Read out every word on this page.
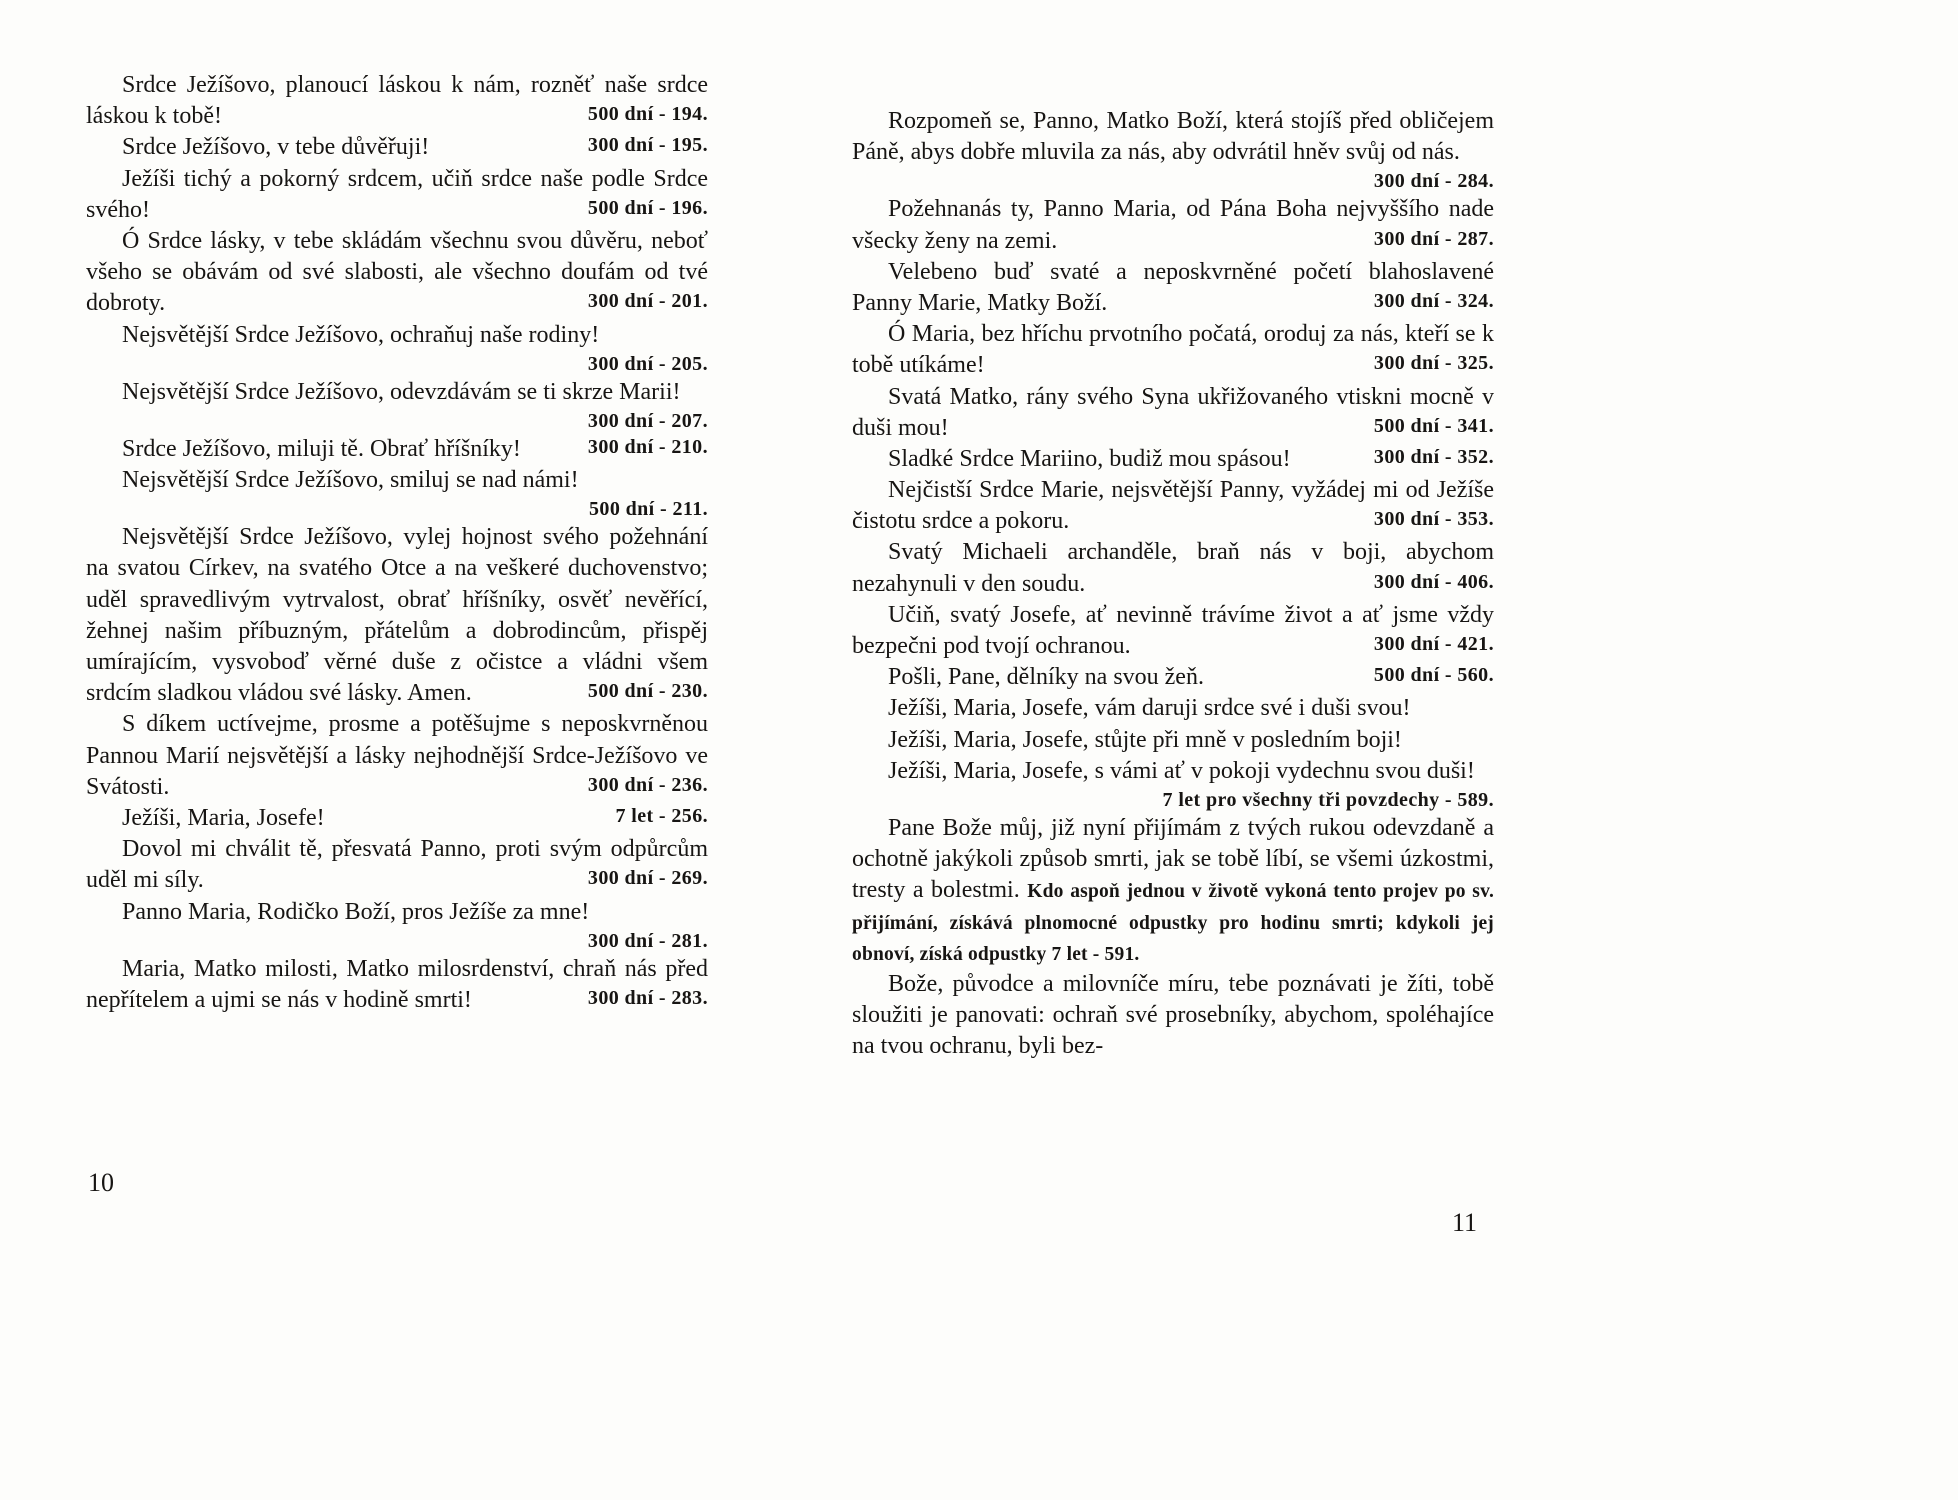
Srdce Ježíšovo, planoucí láskou k nám, rozněť naše srdce láskou k tobě!	500 dní - 194.

Srdce Ježíšovo, v tebe důvěřuji!	300 dní - 195.

Ježíši tichý a pokorný srdcem, učiň srdce naše podle Srdce svého!	500 dní - 196.

Ó Srdce lásky, v tebe skládám všechnu svou důvěru, neboť všeho se obávám od své slabosti, ale všechno doufám od tvé dobroty.	300 dní - 201.

Nejsvětější Srdce Ježíšovo, ochraňuj naše rodiny!
300 dní - 205.

Nejsvětější Srdce Ježíšovo, odevzdávám se ti skrze Marii!
300 dní - 207.

Srdce Ježíšovo, miluji tě. Obrať hříšníky!	300 dní - 210.

Nejsvětější Srdce Ježíšovo, smiluj se nad námi!
500 dní - 211.

Nejsvětější Srdce Ježíšovo, vylej hojnost svého požehnání na svatou Církev, na svatého Otce a na veškeré duchovenstvo; uděl spravedlivým vytrvalost, obrať hříšníky, osvěť nevěřící, žehnej našim příbuzným, přátelům a dobrodincům, přispěj umírajícím, vysvoboď věrné duše z očistce a vládni všem srdcím sladkou vládou své lásky. Amen.	500 dní - 230.

S díkem uctívejme, prosme a potěšujme s neposkvrněnou Pannou Marií nejsvětější a lásky nejhodnější Srdce-Ježíšovo ve Svátosti.	300 dní - 236.

Ježíši, Maria, Josefe!	7 let - 256.

Dovol mi chválit tě, přesvatá Panno, proti svým odpůrcům uděl mi síly.	300 dní - 269.

Panno Maria, Rodičko Boží, pros Ježíše za mne!
300 dní - 281.

Maria, Matko milosti, Matko milosrdenství, chraň nás před nepřítelem a ujmi se nás v hodině smrti!	300 dní - 283.

Rozpomeň se, Panno, Matko Boží, která stojíš před obličejem Páně, abys dobře mluvila za nás, aby odvrátil hněv svůj od nás.
300 dní - 284.

Požehnanás ty, Panno Maria, od Pána Boha nejvyššího nade všecky ženy na zemi.	300 dní - 287.

Velebeno buď svaté a neposkvrněné početí blahoslavené Panny Marie, Matky Boží.	300 dní - 324.

Ó Maria, bez hříchu prvotního počatá, oroduj za nás, kteří se k tobě utíkáme!	300 dní - 325.

Svatá Matko, rány svého Syna ukřižovaného vtiskni mocně v duši mou!	500 dní - 341.

Sladké Srdce Mariino, budiž mou spásou!	300 dní - 352.

Nejčistší Srdce Marie, nejsvětější Panny, vyžádej mi od Ježíše čistotu srdce a pokoru.	300 dní - 353.

Svatý Michaeli archanděle, braň nás v boji, abychom nezahynuli v den soudu.	300 dní - 406.

Učiň, svatý Josefe, ať nevinně trávíme život a ať jsme vždy bezpečni pod tvojí ochranou.	300 dní - 421.

Pošli, Pane, dělníky na svou žeň.	500 dní - 560.

Ježíši, Maria, Josefe, vám daruji srdce své i duši svou!

Ježíši, Maria, Josefe, stůjte při mně v posledním boji!

Ježíši, Maria, Josefe, s vámi ať v pokoji vydechnu svou duši!
7 let pro všechny tři povzdechy - 589.

Pane Bože můj, již nyní přijímám z tvých rukou odevzdaně a ochotně jakýkoli způsob smrti, jak se tobě líbí, se všemi úzkostmi, tresty a bolestmi. Kdo aspoň jednou v životě vykoná tento projev po sv. přijímání, získává plnomocné odpustky pro hodinu smrti; kdykoli jej obnoví, získá odpustky 7 let - 591.

Bože, původce a milovníče míru, tebe poznávati je žíti, tobě sloužiti je panovati: ochraň své prosebníky, abychom, spoléhajíce na tvou ochranu, byli bez-

10
11
